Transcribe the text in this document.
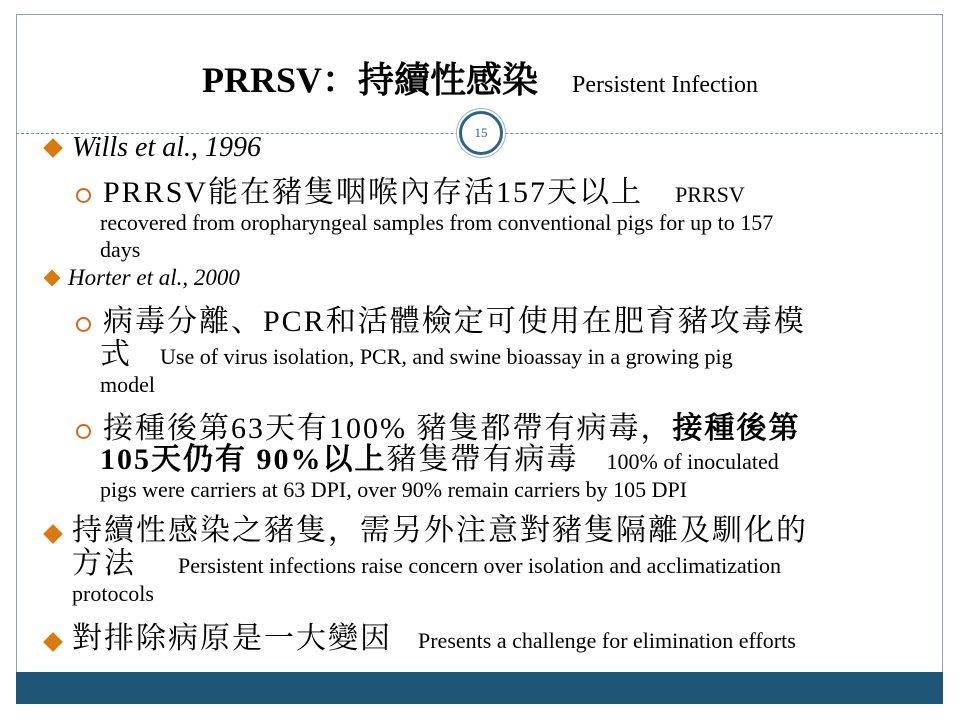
PRRSV：持續性感染 Persistent Infection
15
Wills et al., 1996
PRRSV能在豬隻咽喉內存活157天以上 PRRSV
recovered from oropharyngeal samples from conventional pigs for up to 157
days
Horter et al., 2000
病毒分離、PCR和活體檢定可使用在肥育豬攻毒模
式 Use of virus isolation, PCR, and swine bioassay in a growing pig
model
接種後第63天有100% 豬隻都帶有病毒，接種後第
105天仍有 90%以上豬隻帶有病毒 100% of inoculated
pigs were carriers at 63 DPI, over 90% remain carriers by 105 DPI
持續性感染之豬隻，需另外注意對豬隻隔離及馴化的
方法 Persistent infections raise concern over isolation and acclimatization
protocols
對排除病原是一大變因 Presents a challenge for elimination efforts
